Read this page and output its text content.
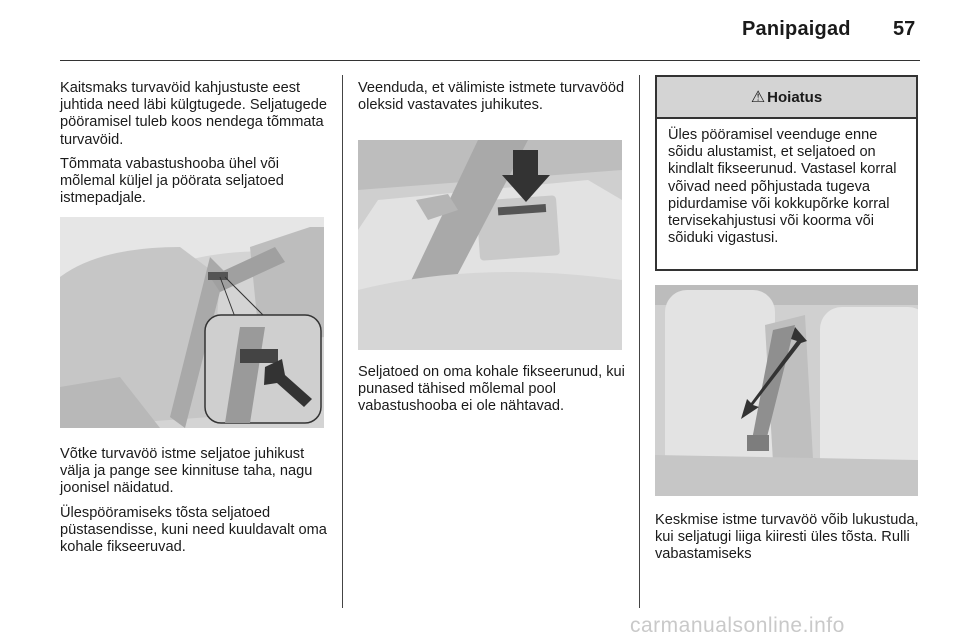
Panipaigad 57

Kaitsmaks turvavöid kahjustuste eest juhtida need läbi külgtugede. Seljatugede pööramisel tuleb koos nendega tõmmata turvavöid.

Tõmmata vabastushooba ühel või mõlemal küljel ja pöörata seljatoed istmepadjale.

Võtke turvavöö istme seljatoe juhikust välja ja pange see kinnituse taha, nagu joonisel näidatud.

Ülespööramiseks tõsta seljatoed püstasendisse, kuni need kuuldavalt oma kohale fikseeruvad.

Veenduda, et välimiste istmete turvavööd oleksid vastavates juhikutes.

Seljatoed on oma kohale fikseerunud, kui punased tähised mõlemal pool vabastushooba ei ole nähtavad.

⚠ Hoiatus
Üles pööramisel veenduge enne sõidu alustamist, et seljatoed on kindlalt fikseerunud. Vastasel korral võivad need põhjustada tugeva pidurdamise või kokkupõrke korral tervisekahjustusi või koorma või sõiduki vigastusi.

Keskmise istme turvavöö võib lukustuda, kui seljatugi liiga kiiresti üles tõsta. Rulli vabastamiseks

carmanualsonline.info
